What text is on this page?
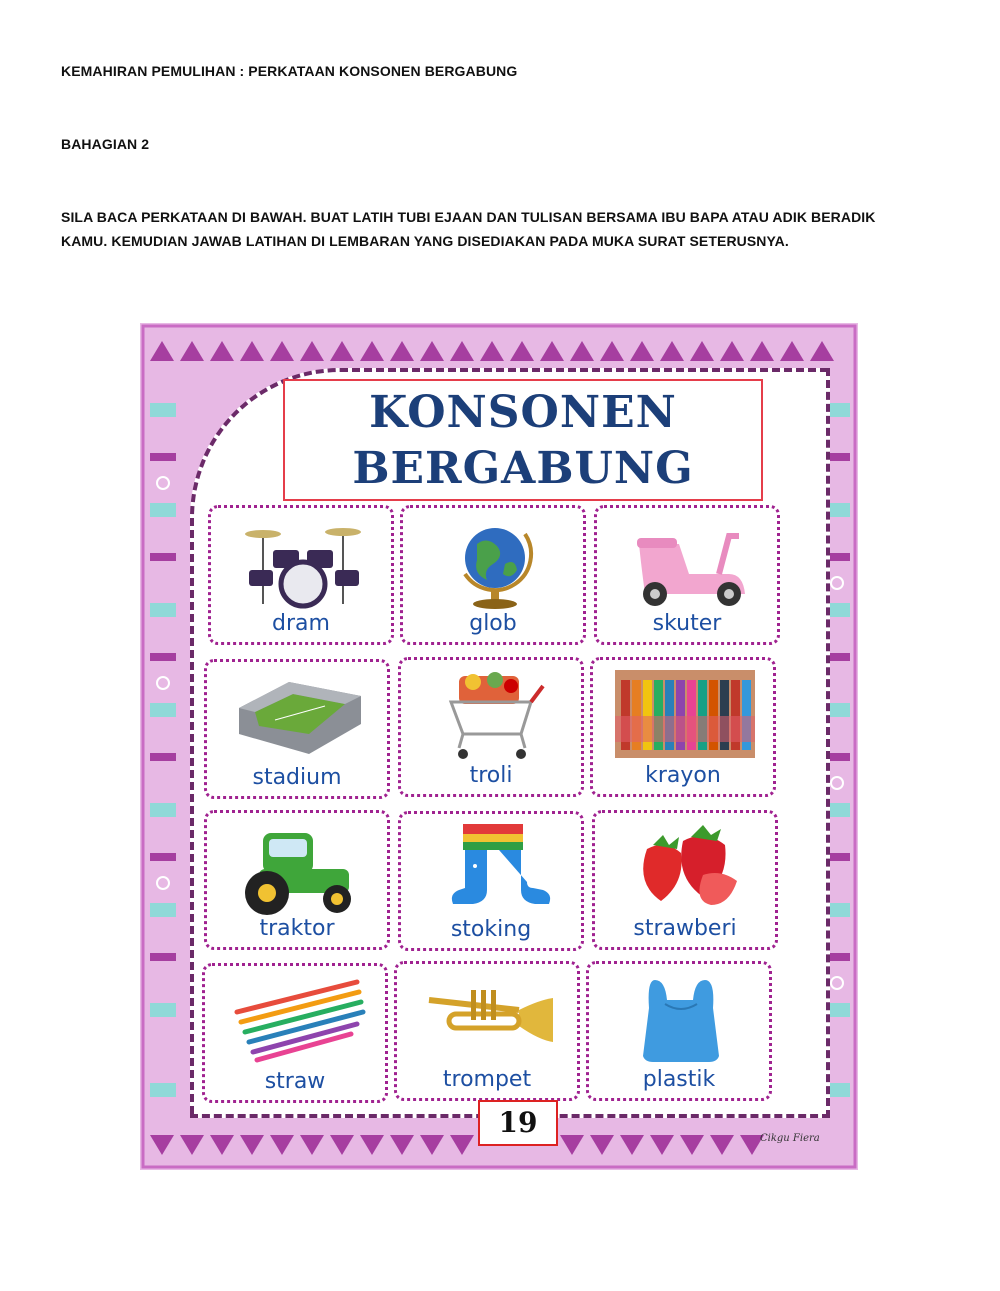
KEMAHIRAN PEMULIHAN : PERKATAAN KONSONEN BERGABUNG
BAHAGIAN 2
SILA BACA PERKATAAN DI BAWAH. BUAT LATIH TUBI EJAAN DAN TULISAN BERSAMA IBU BAPA ATAU ADIK BERADIK
KAMU. KEMUDIAN JAWAB LATIHAN DI LEMBARAN YANG DISEDIAKAN PADA MUKA SURAT SETERUSNYA.
KONSONEN
BERGABUNG
dram	glob	skuter
stadium	troli	krayon
traktor	stoking	strawberi
straw	trompet	plastik
19	Cikgu Fiera
